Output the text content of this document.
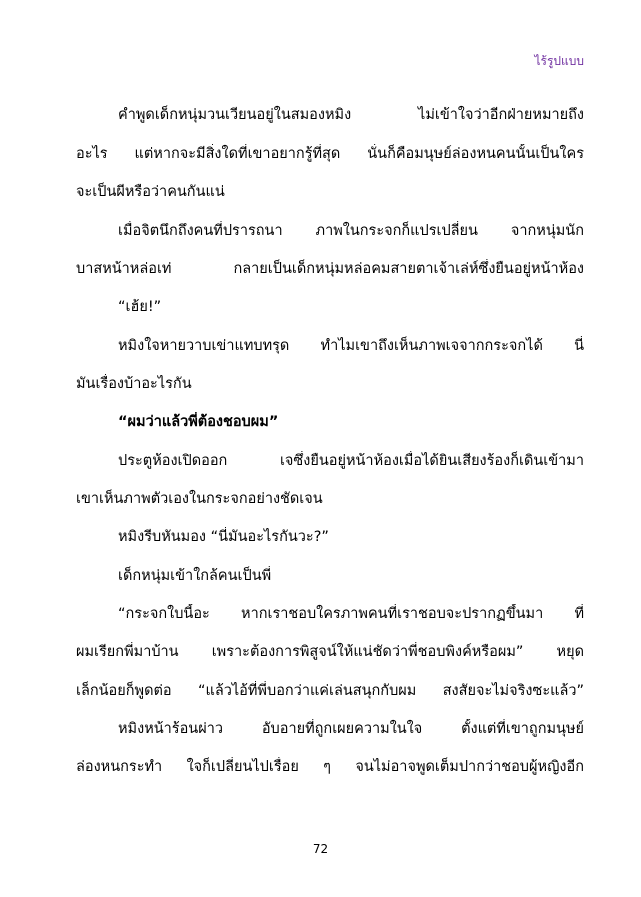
ไร้รูปแบบ
คำพูดเด็กหนุ่มวนเวียนอยู่ในสมองหมิง ไม่เข้าใจว่าอีกฝ่ายหมายถึง
อะไร แต่หากจะมีสิ่งใดที่เขาอยากรู้ที่สุด นั่นก็คือมนุษย์ล่องหนคนนั้นเป็นใคร
จะเป็นผีหรือว่าคนกันแน่
เมื่อจิตนึกถึงคนที่ปรารถนา ภาพในกระจกก็แปรเปลี่ยน จากหนุ่มนัก
บาสหน้าหล่อเท่ กลายเป็นเด็กหนุ่มหล่อคมสายตาเจ้าเล่ห์ซึ่งยืนอยู่หน้าห้อง
“เฮ้ย!”
หมิงใจหายวาบเข่าแทบทรุด ทำไมเขาถึงเห็นภาพเจจากกระจกได้ นี่
มันเรื่องบ้าอะไรกัน
“ผมว่าแล้วพี่ต้องชอบผม”
ประตูห้องเปิดออก เจซึ่งยืนอยู่หน้าห้องเมื่อได้ยินเสียงร้องก็เดินเข้ามา
เขาเห็นภาพตัวเองในกระจกอย่างชัดเจน
หมิงรีบหันมอง “นี่มันอะไรกันวะ?”
เด็กหนุ่มเข้าใกล้คนเป็นพี่
“กระจกใบนี้อะ หากเราชอบใครภาพคนที่เราชอบจะปรากฏขึ้นมา ที่
ผมเรียกพี่มาบ้าน เพราะต้องการพิสูจน์ให้แน่ชัดว่าพี่ชอบพิงค์หรือผม” หยุด
เล็กน้อยก็พูดต่อ “แล้วไอ้ที่พี่บอกว่าแค่เล่นสนุกกับผม สงสัยจะไม่จริงซะแล้ว”
หมิงหน้าร้อนผ่าว อับอายที่ถูกเผยความในใจ ตั้งแต่ที่เขาถูกมนุษย์
ล่องหนกระทำ ใจก็เปลี่ยนไปเรื่อย ๆ จนไม่อาจพูดเต็มปากว่าชอบผู้หญิงอีก
72
